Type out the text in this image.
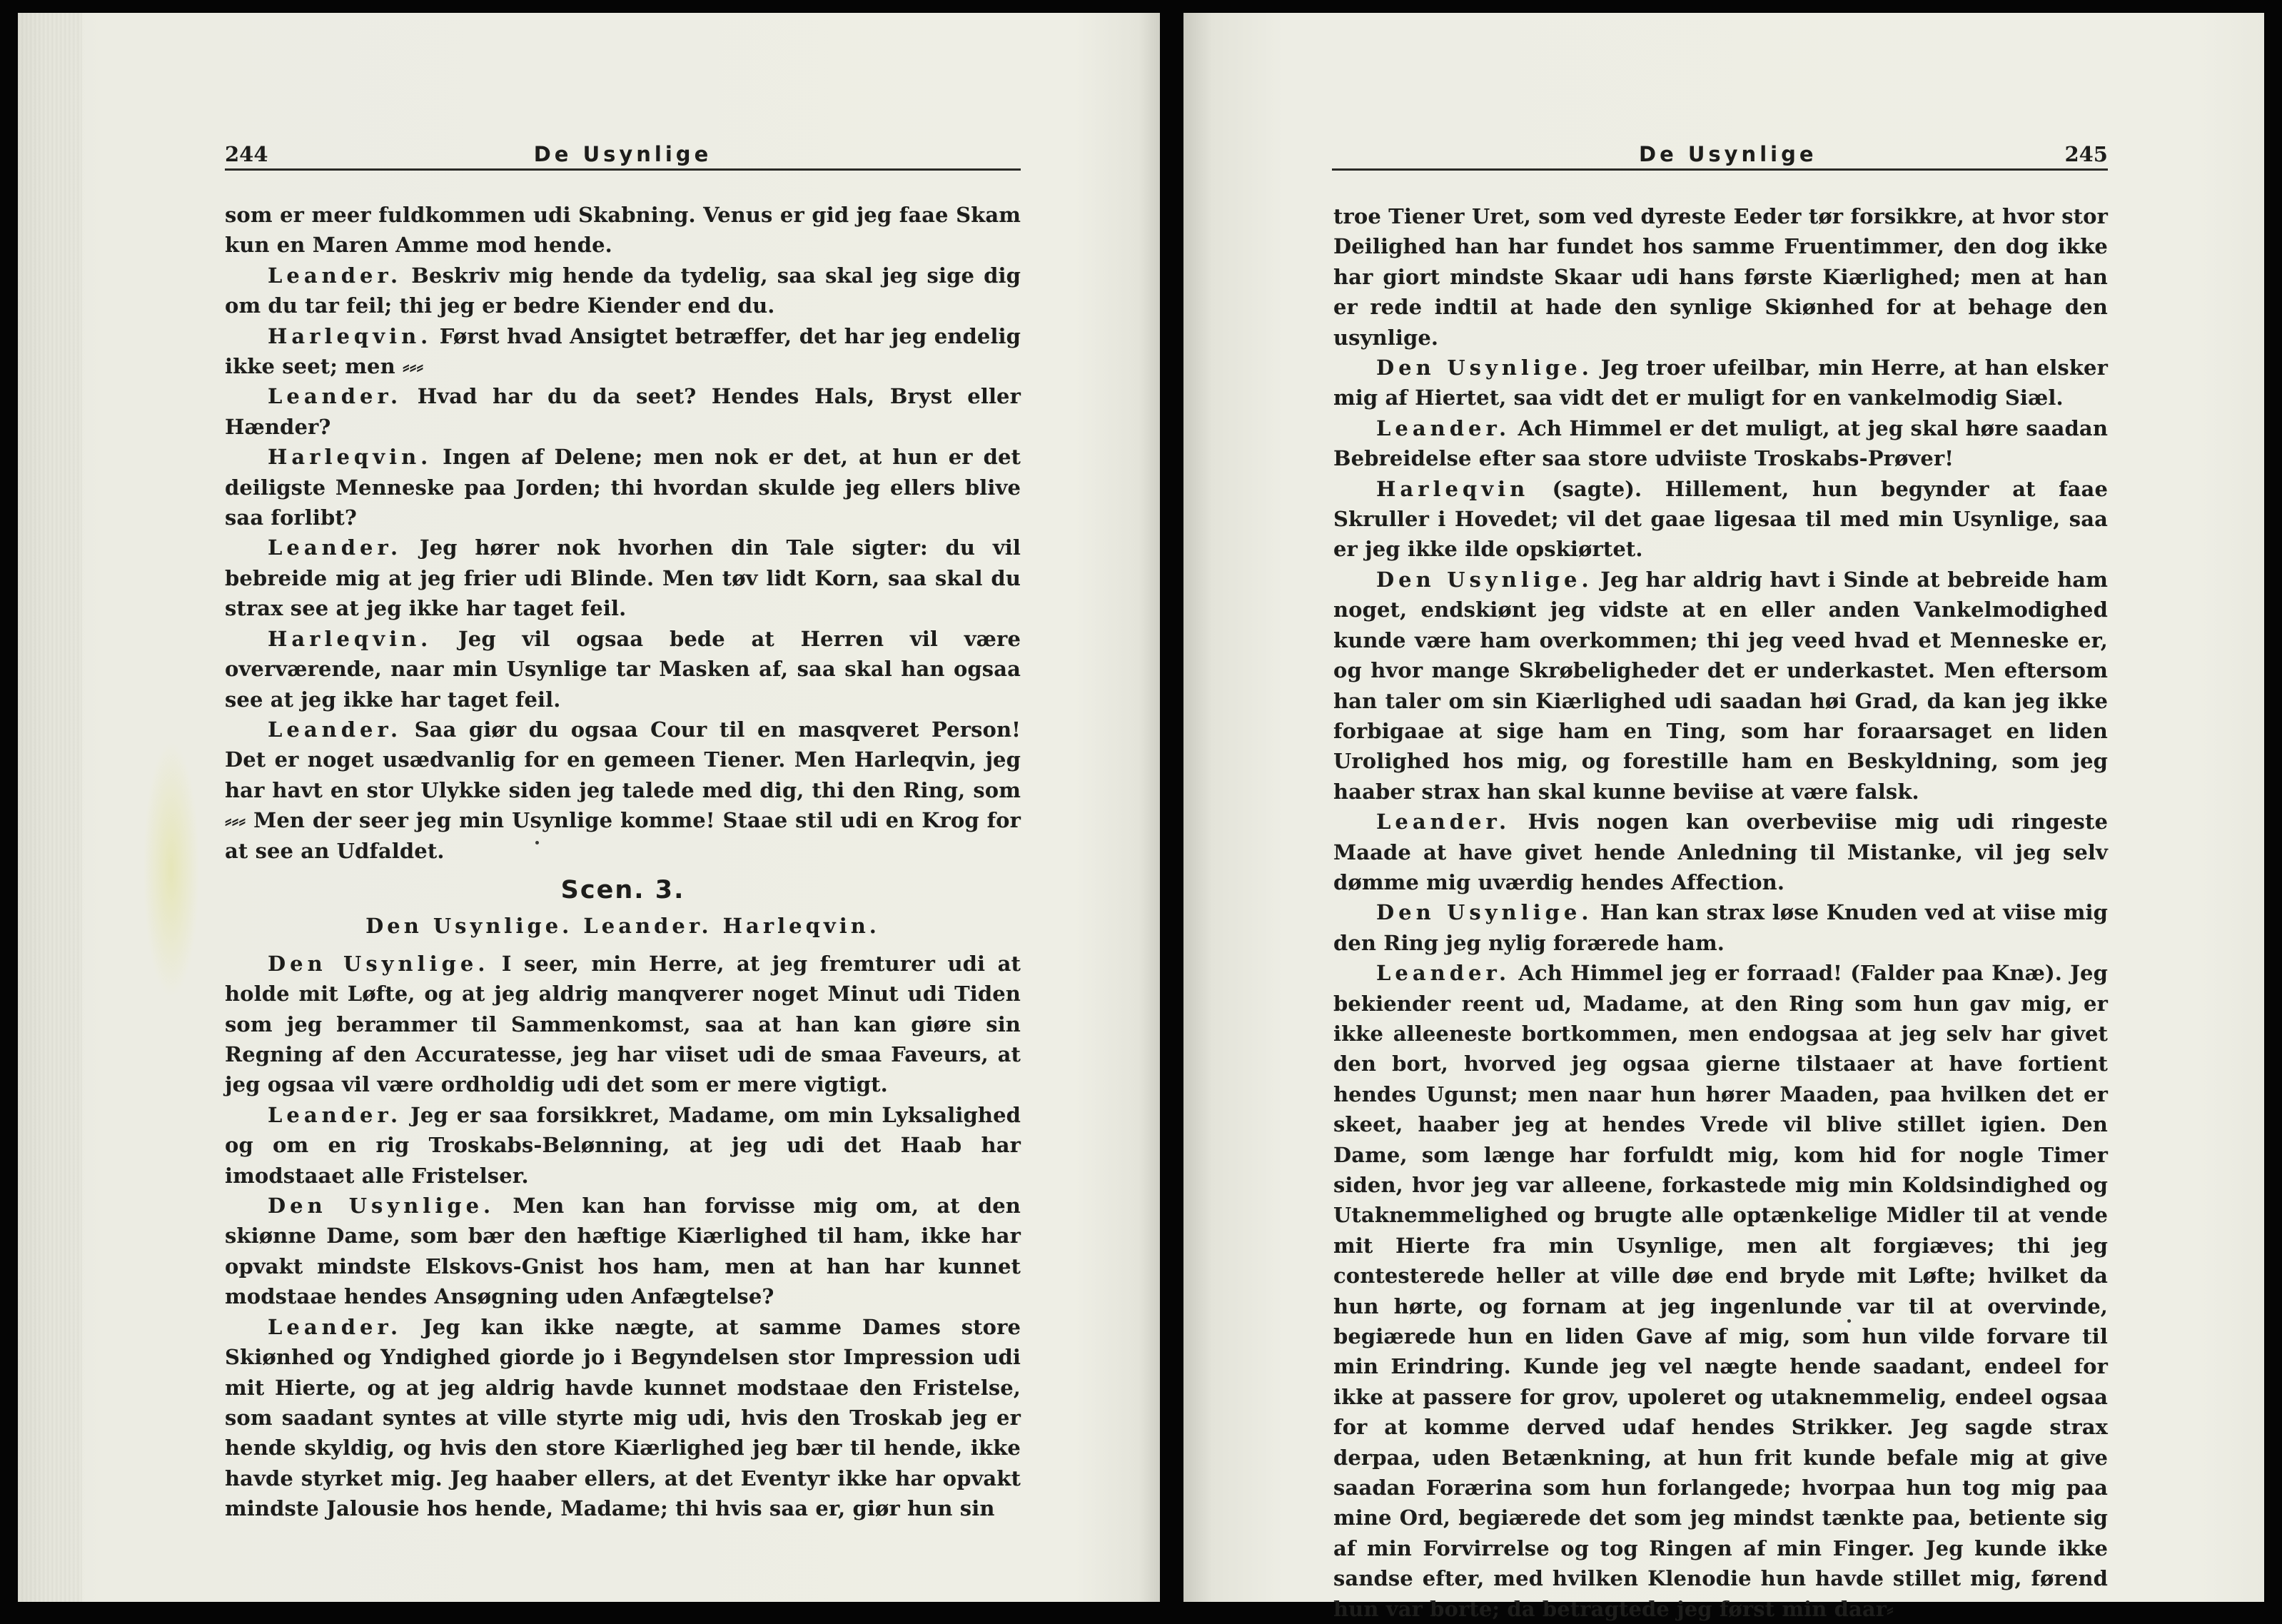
244	De Usynlige

som er meer fuldkommen udi Skabning. Venus er gid jeg faae Skam kun en Maren Amme mod hende.

Leander. Beskriv mig hende da tydelig, saa skal jeg sige dig om du tar feil; thi jeg er bedre Kiender end du.

Harleqvin. Først hvad Ansigtet betræffer, det har jeg endelig ikke seet; men ⸗⸗⸗

Leander. Hvad har du da seet? Hendes Hals, Bryst eller Hænder?

Harleqvin. Ingen af Delene; men nok er det, at hun er det deiligste Menneske paa Jorden; thi hvordan skulde jeg ellers blive saa forlibt?

Leander. Jeg hører nok hvorhen din Tale sigter: du vil bebreide mig at jeg frier udi Blinde. Men tøv lidt Korn, saa skal du strax see at jeg ikke har taget feil.

Harleqvin. Jeg vil ogsaa bede at Herren vil være overværende, naar min Usynlige tar Masken af, saa skal han ogsaa see at jeg ikke har taget feil.

Leander. Saa giør du ogsaa Cour til en masqveret Person! Det er noget usædvanlig for en gemeen Tiener. Men Harleqvin, jeg har havt en stor Ulykke siden jeg talede med dig, thi den Ring, som ⸗⸗⸗ Men der seer jeg min Usynlige komme! Staae stil udi en Krog for at see an Udfaldet.

Scen. 3.
Den Usynlige. Leander. Harleqvin.

Den Usynlige. I seer, min Herre, at jeg fremturer udi at holde mit Løfte, og at jeg aldrig manqverer noget Minut udi Tiden som jeg berammer til Sammenkomst, saa at han kan giøre sin Regning af den Accuratesse, jeg har viiset udi de smaa Faveurs, at jeg ogsaa vil være ordholdig udi det som er mere vigtigt.

Leander. Jeg er saa forsikkret, Madame, om min Lyksalighed og om en rig Troskabs-Belønning, at jeg udi det Haab har imodstaaet alle Fristelser.

Den Usynlige. Men kan han forvisse mig om, at den skiønne Dame, som bær den hæftige Kiærlighed til ham, ikke har opvakt mindste Elskovs-Gnist hos ham, men at han har kunnet modstaae hendes Ansøgning uden Anfægtelse?

Leander. Jeg kan ikke nægte, at samme Dames store Skiønhed og Yndighed giorde jo i Begyndelsen stor Impression udi mit Hierte, og at jeg aldrig havde kunnet modstaae den Fristelse, som saadant syntes at ville styrte mig udi, hvis den Troskab jeg er hende skyldig, og hvis den store Kiærlighed jeg bær til hende, ikke havde styrket mig. Jeg haaber ellers, at det Eventyr ikke har opvakt mindste Jalousie hos hende, Madame; thi hvis saa er, giør hun sin

De Usynlige	245

troe Tiener Uret, som ved dyreste Eeder tør forsikkre, at hvor stor Deilighed han har fundet hos samme Fruentimmer, den dog ikke har giort mindste Skaar udi hans første Kiærlighed; men at han er rede indtil at hade den synlige Skiønhed for at behage den usynlige.

Den Usynlige. Jeg troer ufeilbar, min Herre, at han elsker mig af Hiertet, saa vidt det er muligt for en vankelmodig Siæl.

Leander. Ach Himmel er det muligt, at jeg skal høre saadan Bebreidelse efter saa store udviiste Troskabs-Prøver!

Harleqvin (sagte). Hillement, hun begynder at faae Skruller i Hovedet; vil det gaae ligesaa til med min Usynlige, saa er jeg ikke ilde opskiørtet.

Den Usynlige. Jeg har aldrig havt i Sinde at bebreide ham noget, endskiønt jeg vidste at en eller anden Vankelmodighed kunde være ham overkommen; thi jeg veed hvad et Menneske er, og hvor mange Skrøbeligheder det er underkastet. Men eftersom han taler om sin Kiærlighed udi saadan høi Grad, da kan jeg ikke forbigaae at sige ham en Ting, som har foraarsaget en liden Urolighed hos mig, og forestille ham en Beskyldning, som jeg haaber strax han skal kunne beviise at være falsk.

Leander. Hvis nogen kan overbeviise mig udi ringeste Maade at have givet hende Anledning til Mistanke, vil jeg selv dømme mig uværdig hendes Affection.

Den Usynlige. Han kan strax løse Knuden ved at viise mig den Ring jeg nylig forærede ham.

Leander. Ach Himmel jeg er forraad! (Falder paa Knæ). Jeg bekiender reent ud, Madame, at den Ring som hun gav mig, er ikke alleeneste bortkommen, men endogsaa at jeg selv har givet den bort, hvorved jeg ogsaa gierne tilstaaer at have fortient hendes Ugunst; men naar hun hører Maaden, paa hvilken det er skeet, haaber jeg at hendes Vrede vil blive stillet igien. Den Dame, som længe har forfuldt mig, kom hid for nogle Timer siden, hvor jeg var alleene, forkastede mig min Koldsindighed og Utaknemmelighed og brugte alle optænkelige Midler til at vende mit Hierte fra min Usynlige, men alt forgiæves; thi jeg contesterede heller at ville døe end bryde mit Løfte; hvilket da hun hørte, og fornam at jeg ingenlunde var til at overvinde, begiærede hun en liden Gave af mig, som hun vilde forvare til min Erindring. Kunde jeg vel nægte hende saadant, endeel for ikke at passere for grov, upoleret og utaknemmelig, endeel ogsaa for at komme derved udaf hendes Strikker. Jeg sagde strax derpaa, uden Betænkning, at hun frit kunde befale mig at give saadan Forærina som hun forlangede; hvorpaa hun tog mig paa mine Ord, begiærede det som jeg mindst tænkte paa, betiente sig af min Forvirrelse og tog Ringen af min Finger. Jeg kunde ikke sandse efter, med hvilken Klenodie hun havde stillet mig, førend hun var borte; da betragtede jeg først min daar⸗
